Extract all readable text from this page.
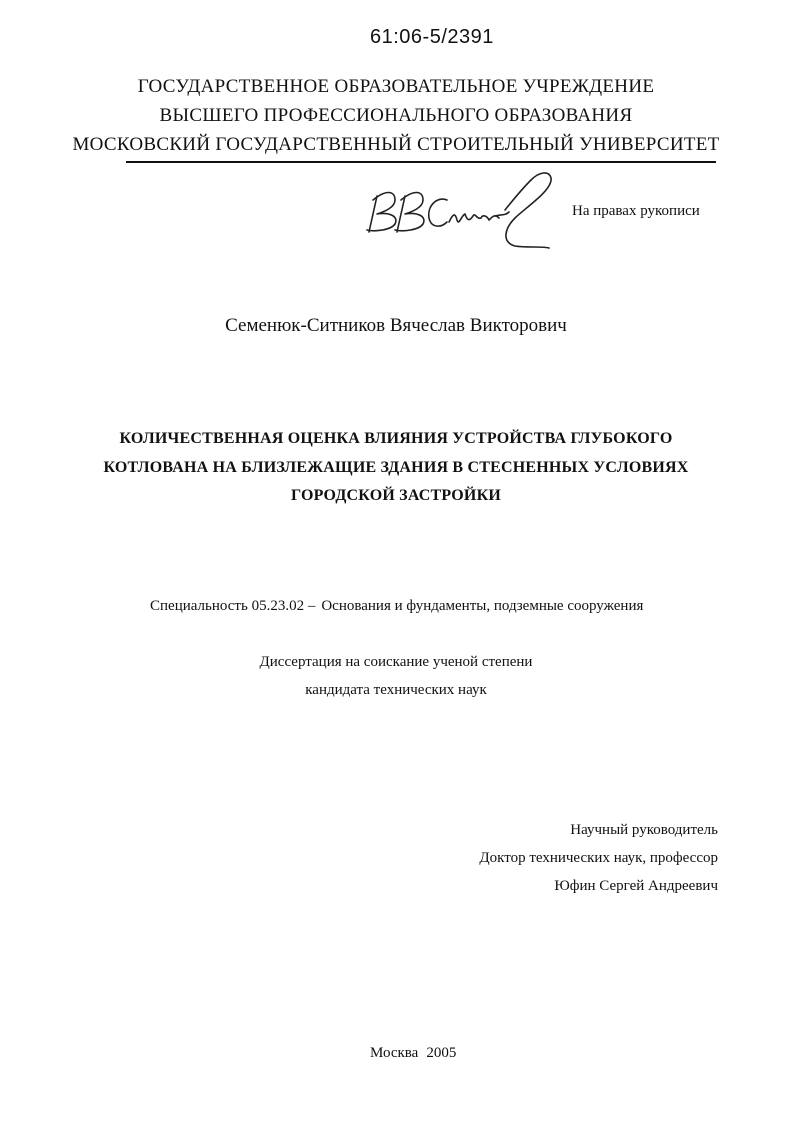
61:06-5/2391
ГОСУДАРСТВЕННОЕ ОБРАЗОВАТЕЛЬНОЕ УЧРЕЖДЕНИЕ
ВЫСШЕГО ПРОФЕССИОНАЛЬНОГО ОБРАЗОВАНИЯ
МОСКОВСКИЙ ГОСУДАРСТВЕННЫЙ СТРОИТЕЛЬНЫЙ УНИВЕРСИТЕТ
На правах рукописи
Семенюк-Ситников Вячеслав Викторович
КОЛИЧЕСТВЕННАЯ ОЦЕНКА ВЛИЯНИЯ УСТРОЙСТВА ГЛУБОКОГО
КОТЛОВАНА НА БЛИЗЛЕЖАЩИЕ ЗДАНИЯ В СТЕСНЕННЫХ УСЛОВИЯХ
ГОРОДСКОЙ ЗАСТРОЙКИ
Специальность 05.23.02 – Основания и фундаменты, подземные сооружения
Диссертация на соискание ученой степени
кандидата технических наук
Научный руководитель
Доктор технических наук, профессор
Юфин Сергей Андреевич
Москва 2005
